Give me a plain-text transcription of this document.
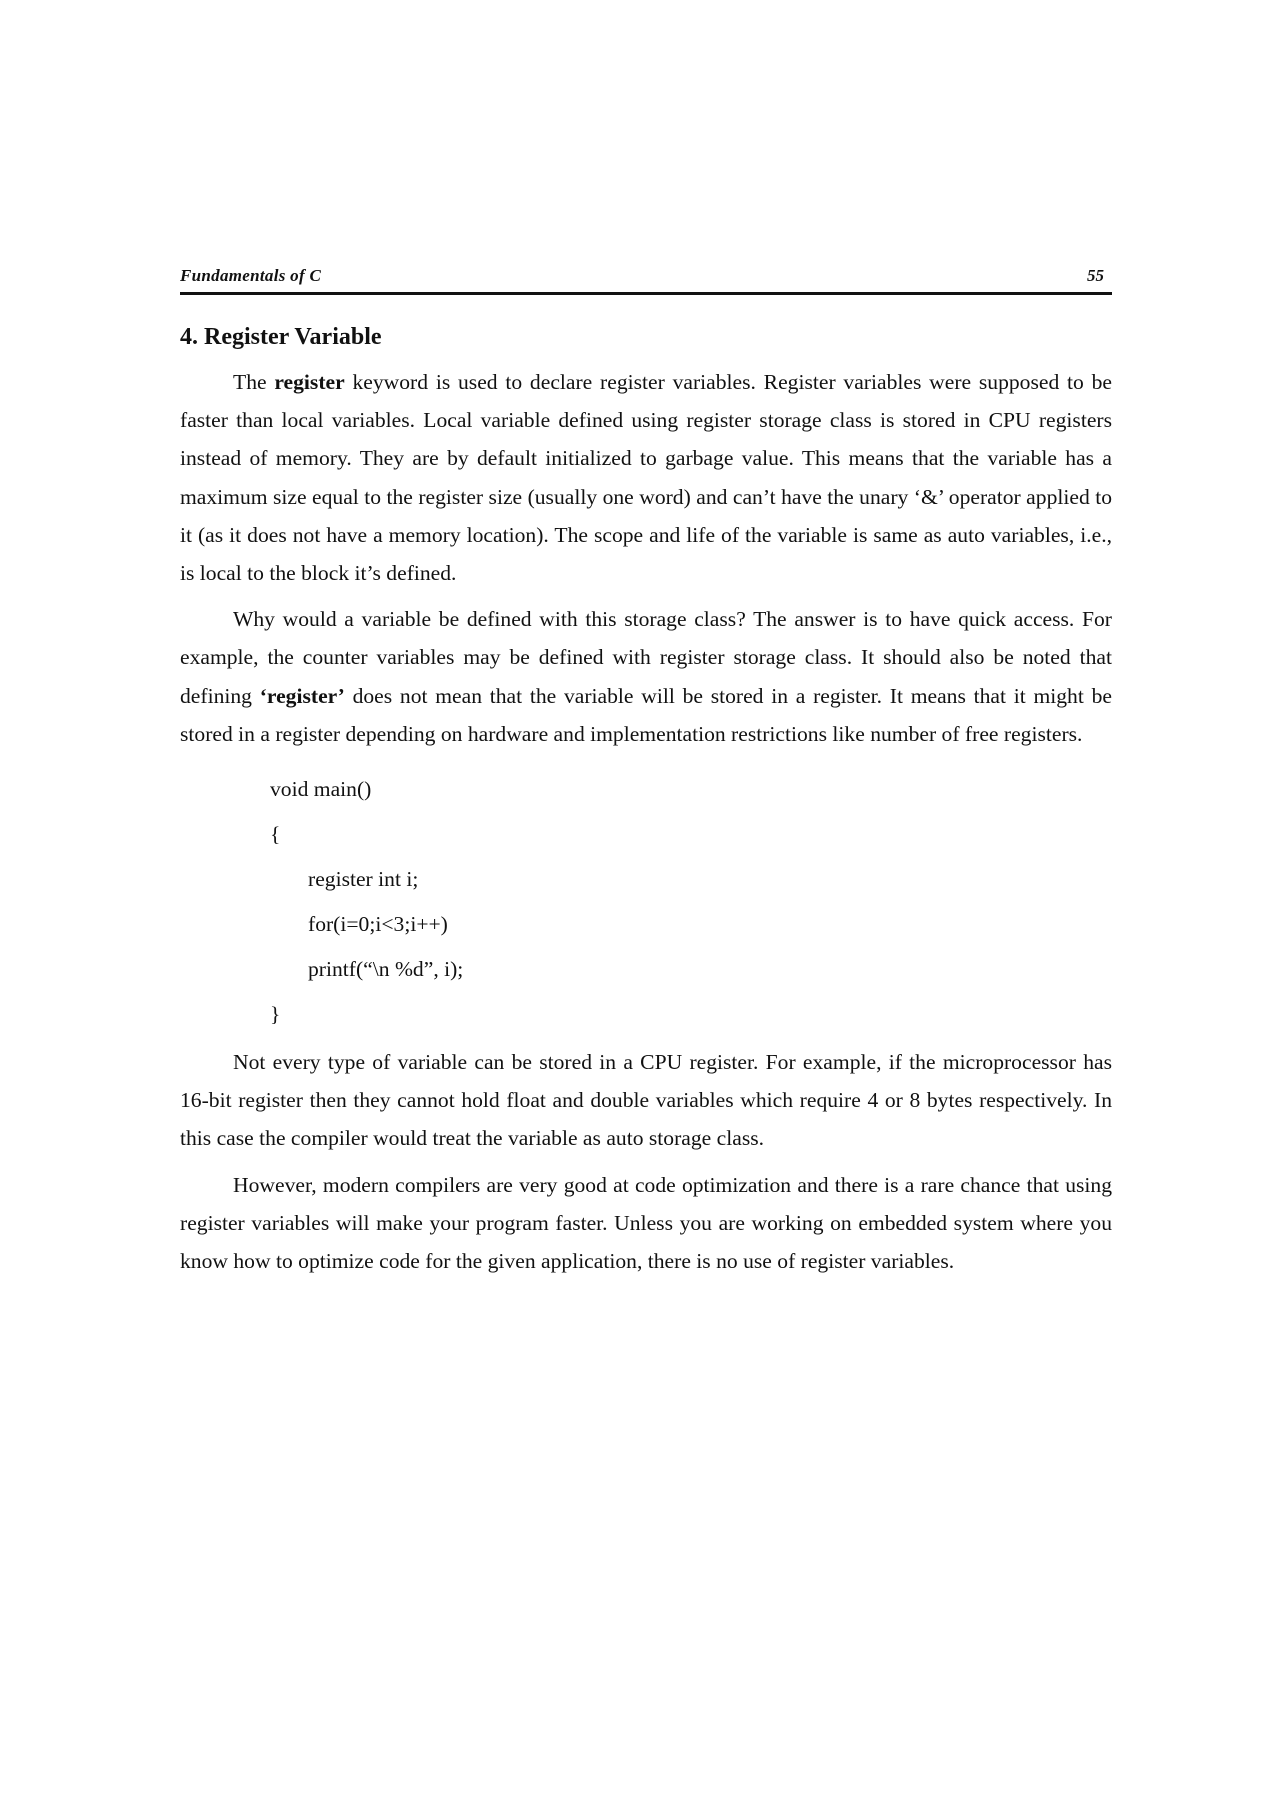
Fundamentals of C	55
4. Register Variable

The register keyword is used to declare register variables. Register variables were supposed to be faster than local variables. Local variable defined using register storage class is stored in CPU registers instead of memory. They are by default initialized to garbage value. This means that the variable has a maximum size equal to the register size (usually one word) and can’t have the unary ‘&’ operator applied to it (as it does not have a memory location). The scope and life of the variable is same as auto variables, i.e., is local to the block it’s defined.

Why would a variable be defined with this storage class? The answer is to have quick access. For example, the counter variables may be defined with register storage class. It should also be noted that defining ‘register’ does not mean that the variable will be stored in a register. It means that it might be stored in a register depending on hardware and implementation restrictions like number of free registers.

void main()
{
register int i;
for(i=0;i<3;i++)
printf(“\n %d”, i);
}

Not every type of variable can be stored in a CPU register. For example, if the microprocessor has 16-bit register then they cannot hold float and double variables which require 4 or 8 bytes respectively. In this case the compiler would treat the variable as auto storage class.

However, modern compilers are very good at code optimization and there is a rare chance that using register variables will make your program faster. Unless you are working on embedded system where you know how to optimize code for the given application, there is no use of register variables.
